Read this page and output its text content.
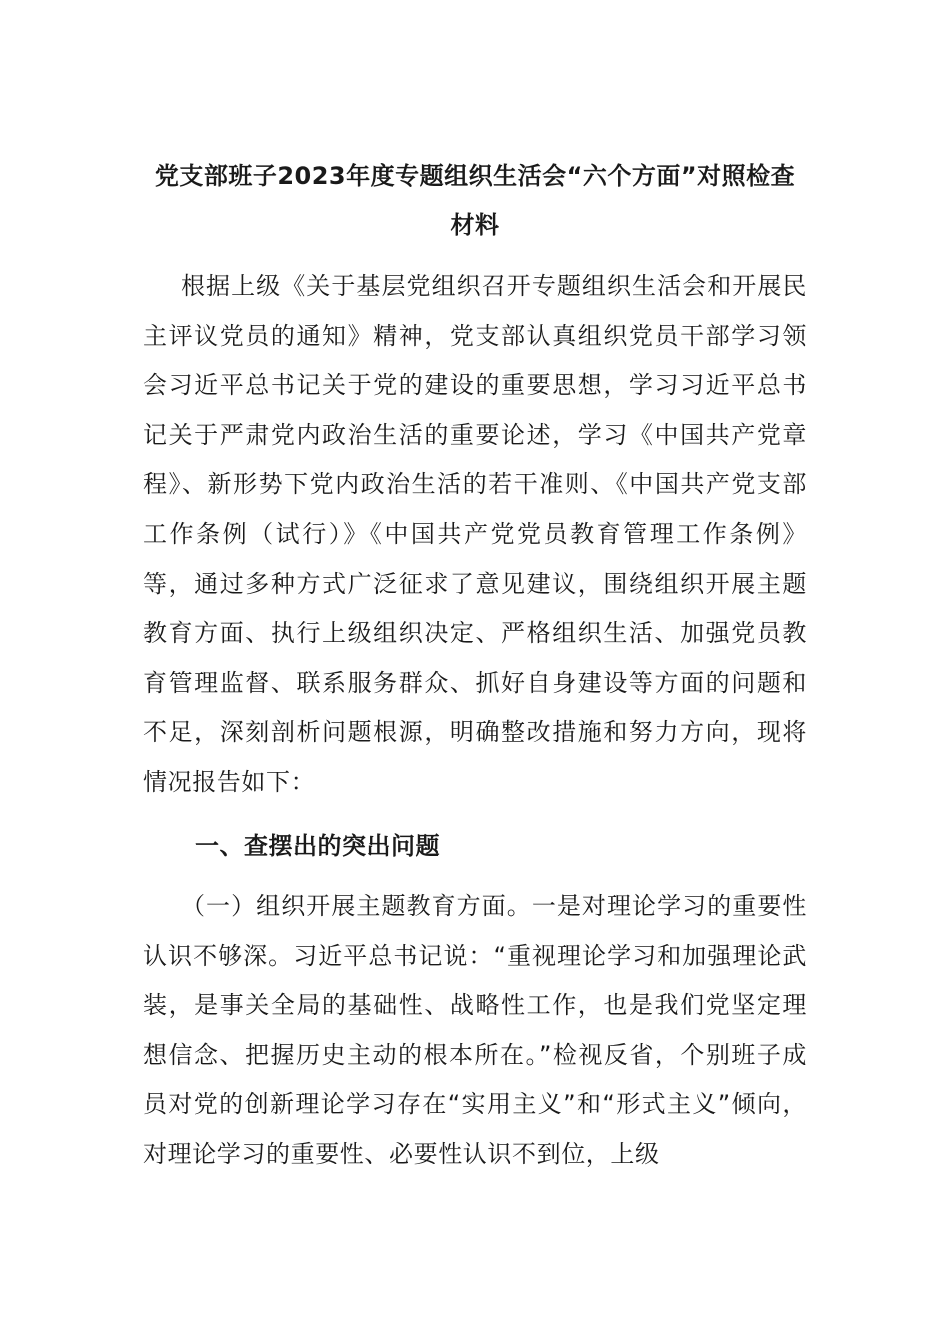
党支部班子2023年度专题组织生活会“六个方面”对照检查材料

根据上级《关于基层党组织召开专题组织生活会和开展民主评议党员的通知》精神，党支部认真组织党员干部学习领会习近平总书记关于党的建设的重要思想，学习习近平总书记关于严肃党内政治生活的重要论述，学习《中国共产党章程》、新形势下党内政治生活的若干准则、《中国共产党支部工作条例（试行）》《中国共产党党员教育管理工作条例》等，通过多种方式广泛征求了意见建议，围绕组织开展主题教育方面、执行上级组织决定、严格组织生活、加强党员教育管理监督、联系服务群众、抓好自身建设等方面的问题和不足，深刻剖析问题根源，明确整改措施和努力方向，现将情况报告如下：

一、查摆出的突出问题

（一）组织开展主题教育方面。一是对理论学习的重要性认识不够深。习近平总书记说：“重视理论学习和加强理论武装，是事关全局的基础性、战略性工作，也是我们党坚定理想信念、把握历史主动的根本所在。”检视反省，个别班子成员对党的创新理论学习存在“实用主义”和“形式主义”倾向，对理论学习的重要性、必要性认识不到位，上级
